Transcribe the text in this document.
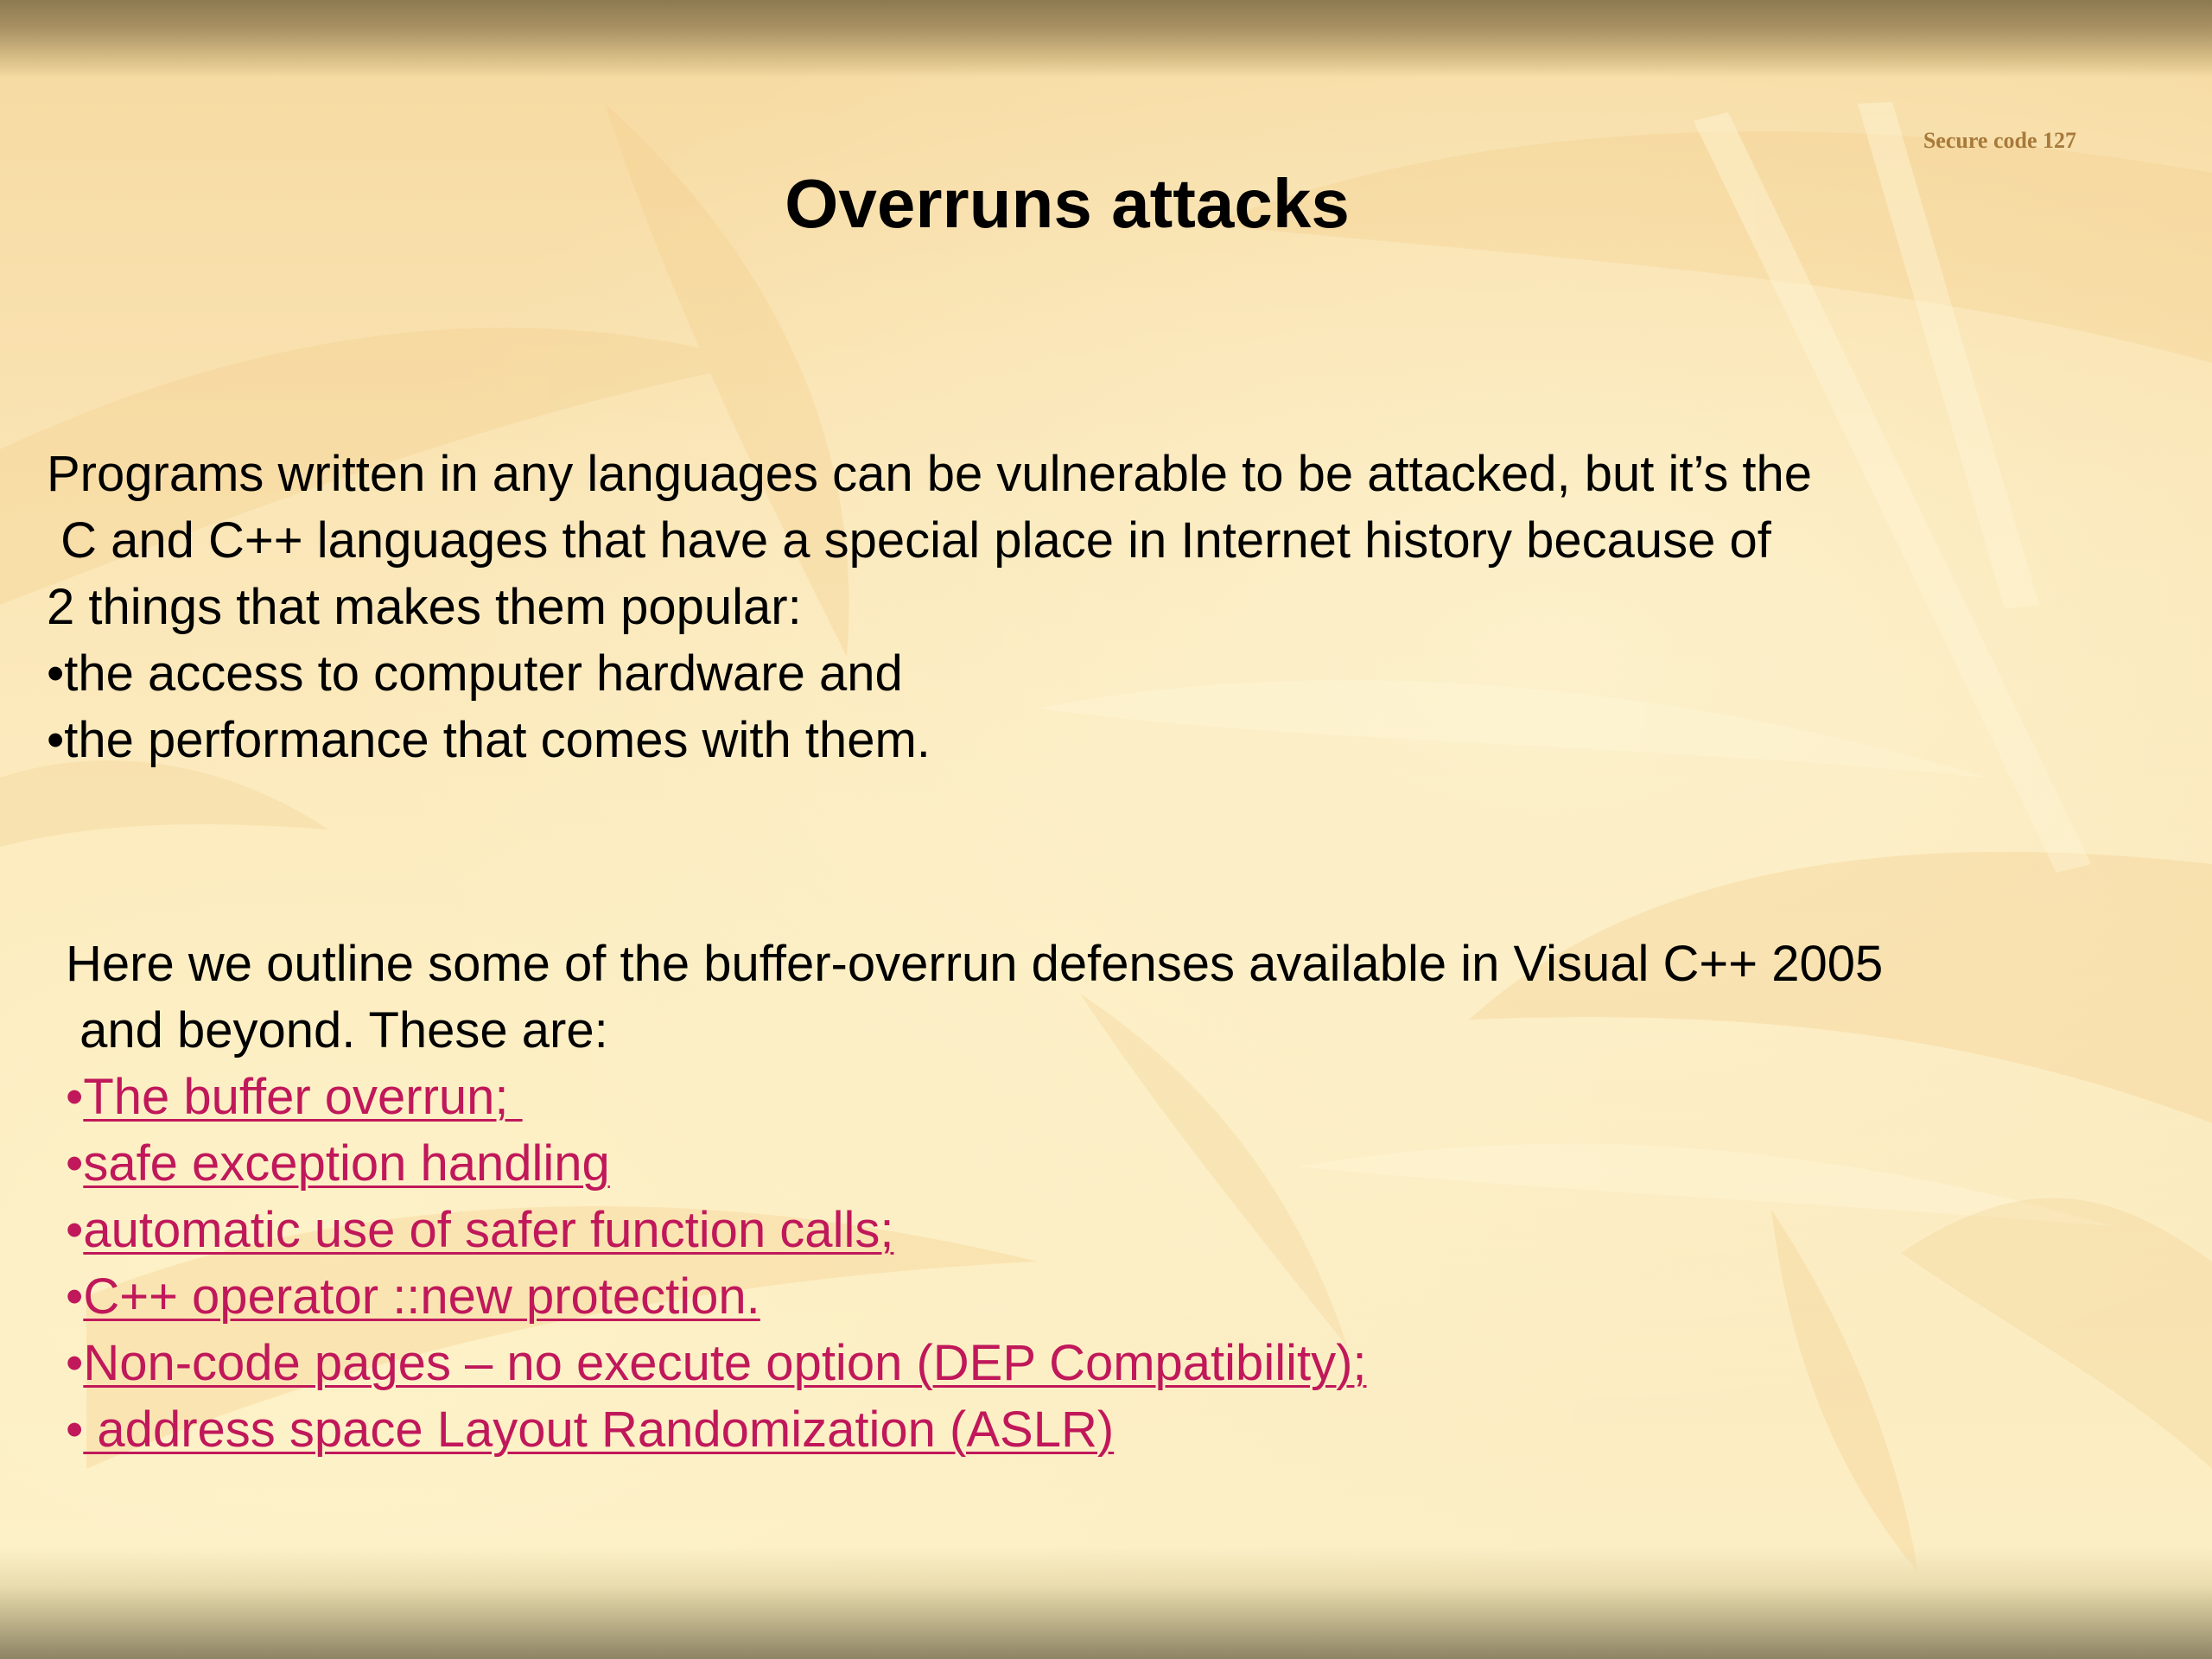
Secure code 127
Overruns attacks
Programs written in any languages can be vulnerable to be attacked, but it’s the
C and C++ languages that have a special place in Internet history because of
2 things that makes them popular:
•the access to computer hardware and
•the performance that comes with them.
Here we outline some of the buffer-overrun defenses available in Visual C++ 2005
and beyond. These are:
•The buffer overrun;
•safe exception handling
•automatic use of safer function calls;
•C++ operator ::new protection.
•Non-code pages – no execute option (DEP Compatibility);
• address space Layout Randomization (ASLR)
